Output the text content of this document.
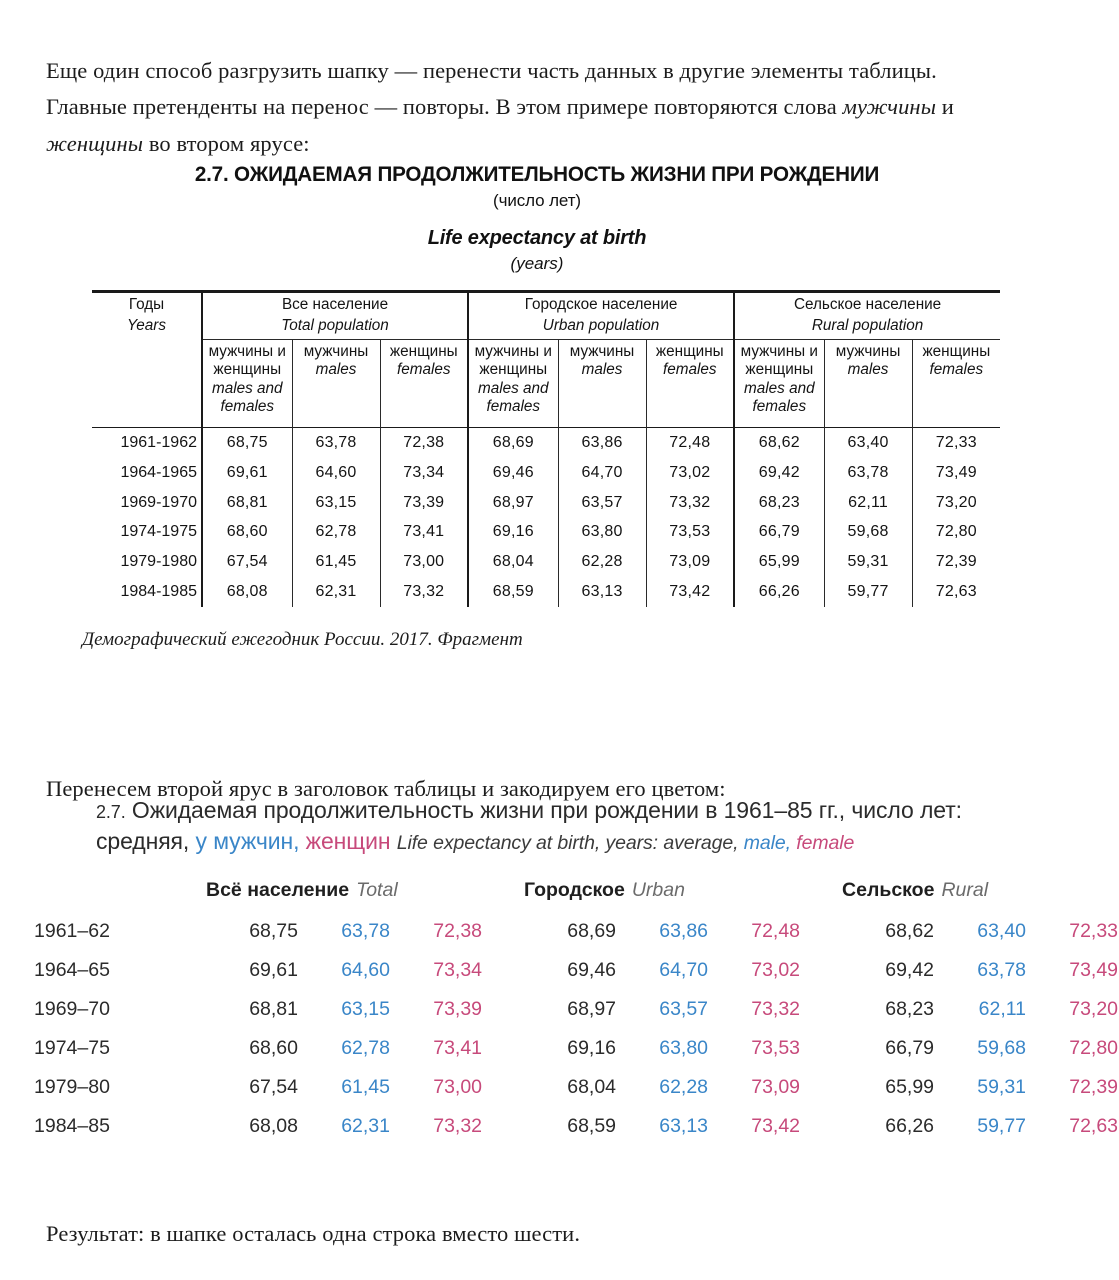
Еще один способ разгрузить шапку — перенести часть данных в другие элементы таблицы. Главные претенденты на перенос — повторы. В этом примере повторяются слова мужчины и женщины во втором ярусе:

2.7. ОЖИДАЕМАЯ ПРОДОЛЖИТЕЛЬНОСТЬ ЖИЗНИ ПРИ РОЖДЕНИИ
(число лет)
Life expectancy at birth
(years)
Годы
Years	Все население
Total population			Городское население
Urban population			Сельское население
Rural population		

	мужчины и
женщины
males and
females	мужчины
males	женщины
females	мужчины и
женщины
males and
females	мужчины
males	женщины
females	мужчины и
женщины
males and
females	мужчины
males	женщины
females

1961-1962	68,75	63,78	72,38	68,69	63,86	72,48	68,62	63,40	72,33
1964-1965	69,61	64,60	73,34	69,46	64,70	73,02	69,42	63,78	73,49
1969-1970	68,81	63,15	73,39	68,97	63,57	73,32	68,23	62,11	73,20
1974-1975	68,60	62,78	73,41	69,16	63,80	73,53	66,79	59,68	72,80
1979-1980	67,54	61,45	73,00	68,04	62,28	73,09	65,99	59,31	72,39
1984-1985	68,08	62,31	73,32	68,59	63,13	73,42	66,26	59,77	72,63
Демографический ежегодник России. 2017. Фрагмент

Перенесем второй ярус в заголовок таблицы и закодируем его цветом:

2.7. Ожидаемая продолжительность жизни при рождении в 1961–85 гг., число лет:
средняя, у мужчин, женщин Life expectancy at birth, years: average, male, female
		Всё население Total				Городское Urban				Сельское Rural		
1961–62		68,75	63,78	72,38		68,69	63,86	72,48		68,62	63,40	72,33
1964–65		69,61	64,60	73,34		69,46	64,70	73,02		69,42	63,78	73,49
1969–70		68,81	63,15	73,39		68,97	63,57	73,32		68,23	62,11	73,20
1974–75		68,60	62,78	73,41		69,16	63,80	73,53		66,79	59,68	72,80
1979–80		67,54	61,45	73,00		68,04	62,28	73,09		65,99	59,31	72,39
1984–85		68,08	62,31	73,32		68,59	63,13	73,42		66,26	59,77	72,63

Результат: в шапке осталась одна строка вместо шести.
